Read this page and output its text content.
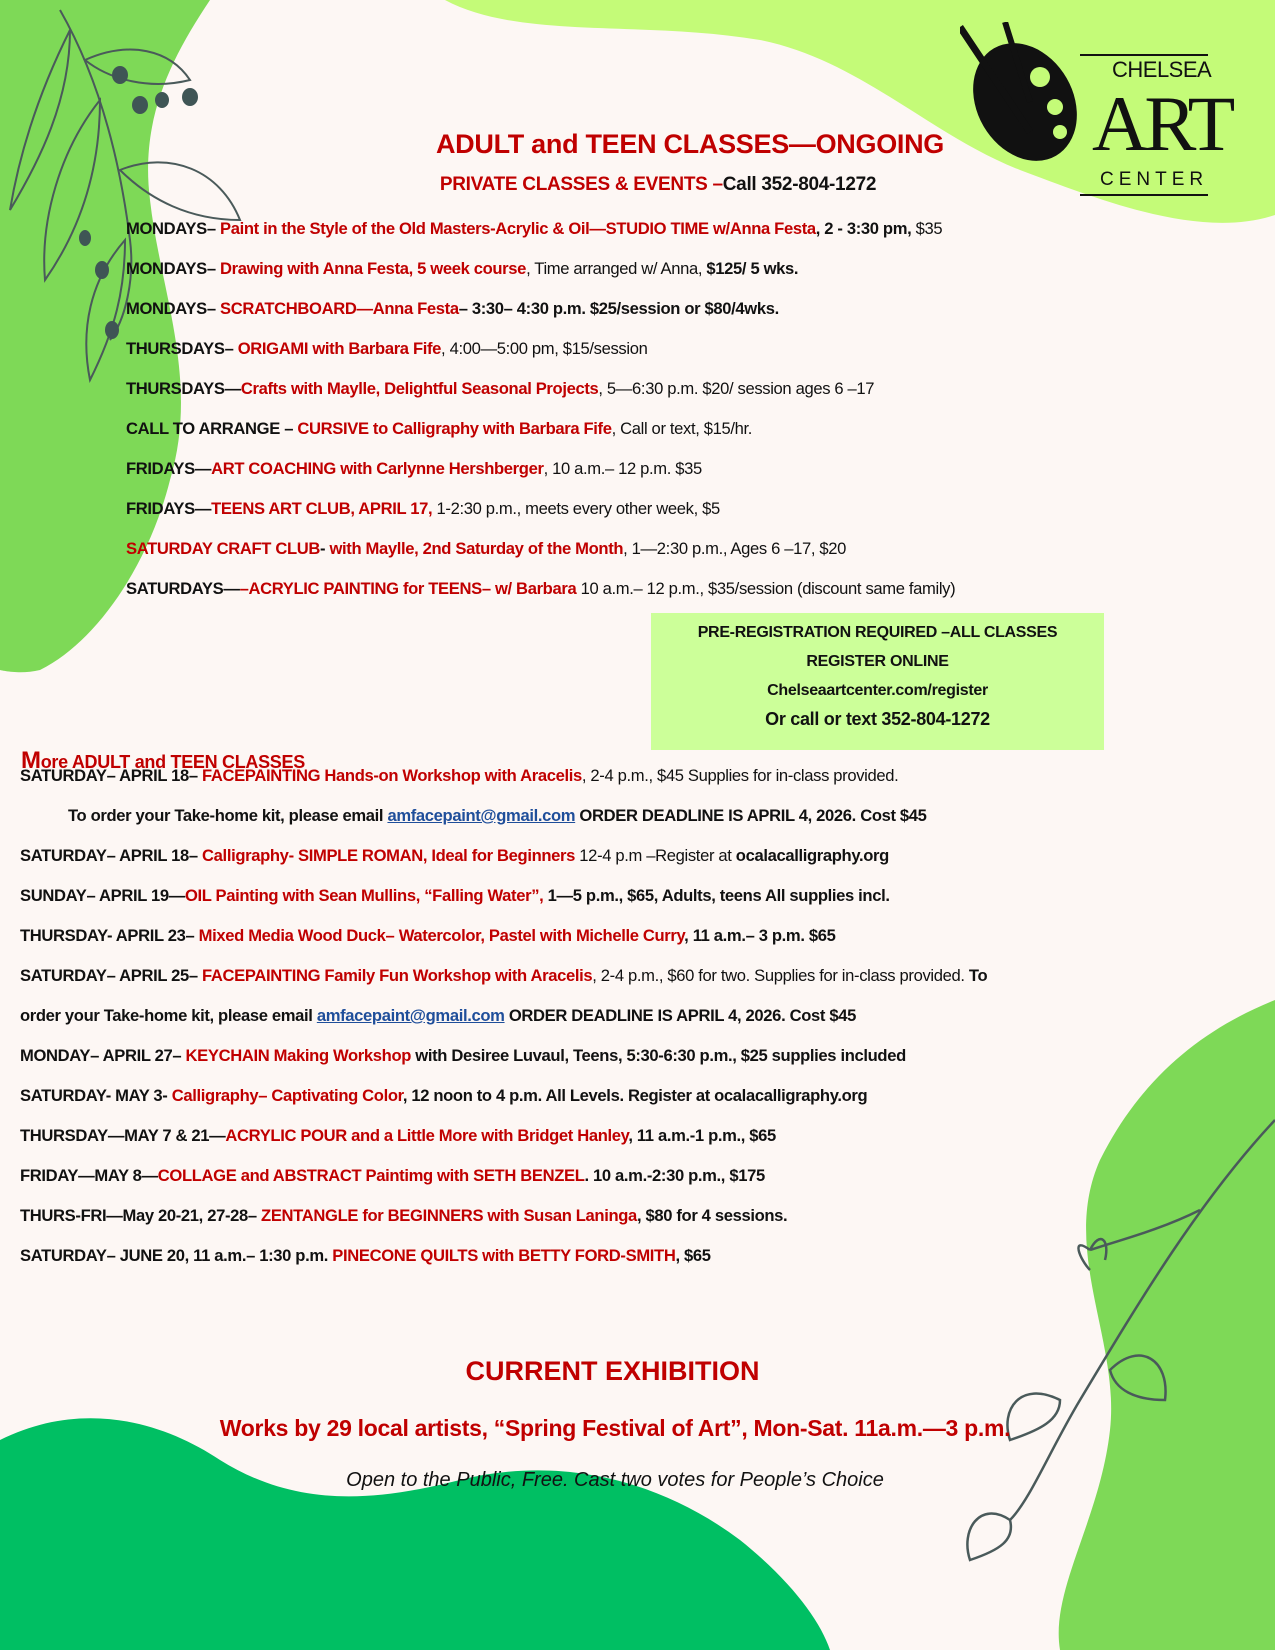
CHELSEA
ART
CENTER
ADULT and TEEN CLASSES—ONGOING
PRIVATE CLASSES & EVENTS –Call 352-804-1272
MONDAYS– Paint in the Style of the Old Masters-Acrylic & Oil—STUDIO TIME w/Anna Festa, 2 - 3:30 pm, $35
MONDAYS– Drawing with Anna Festa, 5 week course, Time arranged w/ Anna, $125/ 5 wks.
MONDAYS– SCRATCHBOARD—Anna Festa– 3:30– 4:30 p.m. $25/session or $80/4wks.
THURSDAYS– ORIGAMI with Barbara Fife, 4:00—5:00 pm, $15/session
THURSDAYS—Crafts with Maylle, Delightful Seasonal Projects, 5—6:30 p.m. $20/ session ages 6 –17
CALL TO ARRANGE – CURSIVE to Calligraphy with Barbara Fife, Call or text, $15/hr.
FRIDAYS—ART COACHING with Carlynne Hershberger, 10 a.m.– 12 p.m. $35
FRIDAYS—TEENS ART CLUB, APRIL 17, 1-2:30 p.m., meets every other week, $5
SATURDAY CRAFT CLUB- with Maylle, 2nd Saturday of the Month, 1—2:30 p.m., Ages 6 –17, $20
SATURDAYS—–ACRYLIC PAINTING for TEENS– w/ Barbara 10 a.m.– 12 p.m., $35/session (discount same family)
PRE-REGISTRATION REQUIRED –ALL CLASSES
REGISTER ONLINE
Chelseaartcenter.com/register
Or call or text 352-804-1272
More ADULT and TEEN CLASSES
SATURDAY– APRIL 18– FACEPAINTING Hands-on Workshop with Aracelis, 2-4 p.m., $45 Supplies for in-class provided.
To order your Take-home kit, please email amfacepaint@gmail.com ORDER DEADLINE IS APRIL 4, 2026. Cost $45
SATURDAY– APRIL 18– Calligraphy- SIMPLE ROMAN, Ideal for Beginners 12-4 p.m –Register at ocalacalligraphy.org
SUNDAY– APRIL 19—OIL Painting with Sean Mullins, “Falling Water”, 1—5 p.m., $65, Adults, teens All supplies incl.
THURSDAY- APRIL 23– Mixed Media Wood Duck– Watercolor, Pastel with Michelle Curry, 11 a.m.– 3 p.m. $65
SATURDAY– APRIL 25– FACEPAINTING Family Fun Workshop with Aracelis, 2-4 p.m., $60 for two. Supplies for in-class provided. To
order your Take-home kit, please email amfacepaint@gmail.com ORDER DEADLINE IS APRIL 4, 2026. Cost $45
MONDAY– APRIL 27– KEYCHAIN Making Workshop with Desiree Luvaul, Teens, 5:30-6:30 p.m., $25 supplies included
SATURDAY- MAY 3- Calligraphy– Captivating Color, 12 noon to 4 p.m. All Levels. Register at ocalacalligraphy.org
THURSDAY—MAY 7 & 21—ACRYLIC POUR and a Little More with Bridget Hanley, 11 a.m.-1 p.m., $65
FRIDAY—MAY 8—COLLAGE and ABSTRACT Paintimg with SETH BENZEL. 10 a.m.-2:30 p.m., $175
THURS-FRI—May 20-21, 27-28– ZENTANGLE for BEGINNERS with Susan Laninga, $80 for 4 sessions.
SATURDAY– JUNE 20, 11 a.m.– 1:30 p.m. PINECONE QUILTS with BETTY FORD-SMITH, $65
CURRENT EXHIBITION
Works by 29 local artists, “Spring Festival of Art”, Mon-Sat. 11a.m.—3 p.m.
Open to the Public, Free. Cast two votes for People’s Choice
